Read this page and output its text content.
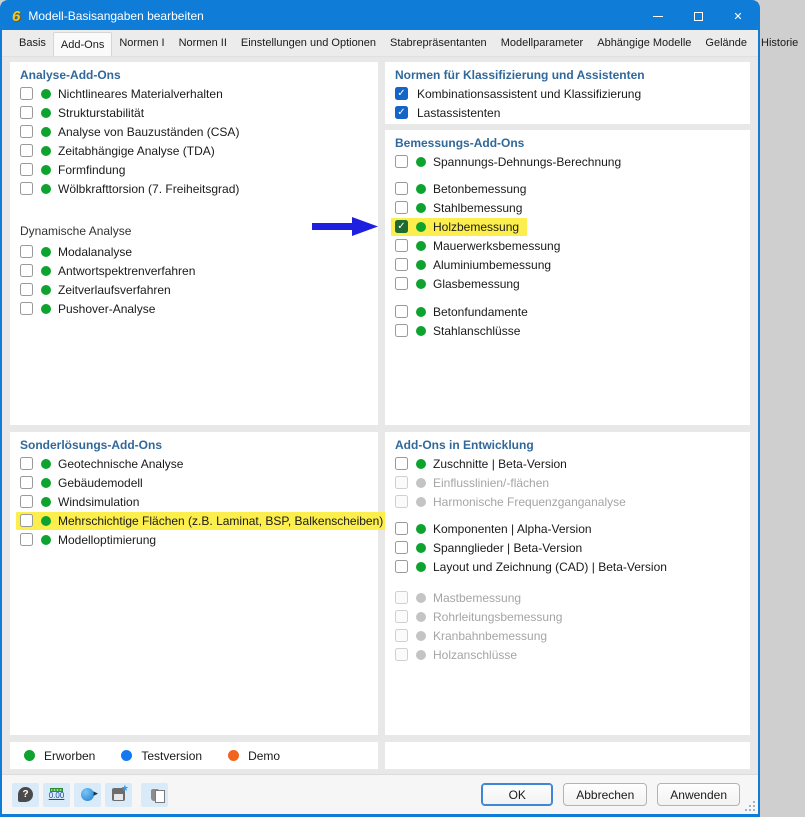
6 Modell-Basisangaben bearbeiten	✕
Basis	Add-Ons	Normen I	Normen II	Einstellungen und Optionen	Stabrepräsentanten	Modellparameter	Abhängige Modelle	Gelände	Historie
Analyse-Add-Ons
Nichtlineares Materialverhalten
Strukturstabilität
Analyse von Bauzuständen (CSA)
Zeitabhängige Analyse (TDA)
Formfindung
Wölbkrafttorsion (7. Freiheitsgrad)
Dynamische Analyse
Modalanalyse
Antwortspektrenverfahren
Zeitverlaufsverfahren
Pushover-Analyse
Normen für Klassifizierung und Assistenten
✓ Kombinationsassistent und Klassifizierung
✓ Lastassistenten
Bemessungs-Add-Ons
Spannungs-Dehnungs-Berechnung
Betonbemessung
Stahlbemessung
✓ Holzbemessung
Mauerwerksbemessung
Aluminiumbemessung
Glasbemessung
Betonfundamente
Stahlanschlüsse
Sonderlösungs-Add-Ons
Geotechnische Analyse
Gebäudemodell
Windsimulation
Mehrschichtige Flächen (z.B. Laminat, BSP, Balkenscheiben)
Modelloptimierung
Add-Ons in Entwicklung
Zuschnitte | Beta-Version
Einflusslinien/-flächen
Harmonische Frequenzganganalyse
Komponenten | Alpha-Version
Spannglieder | Beta-Version
Layout und Zeichnung (CAD) | Beta-Version
Mastbemessung
Rohrleitungsbemessung
Kranbahnbemessung
Holzanschlüsse
Erworben	Testversion	Demo
?	0.00 ▸ ★	OK	Abbrechen	Anwenden
